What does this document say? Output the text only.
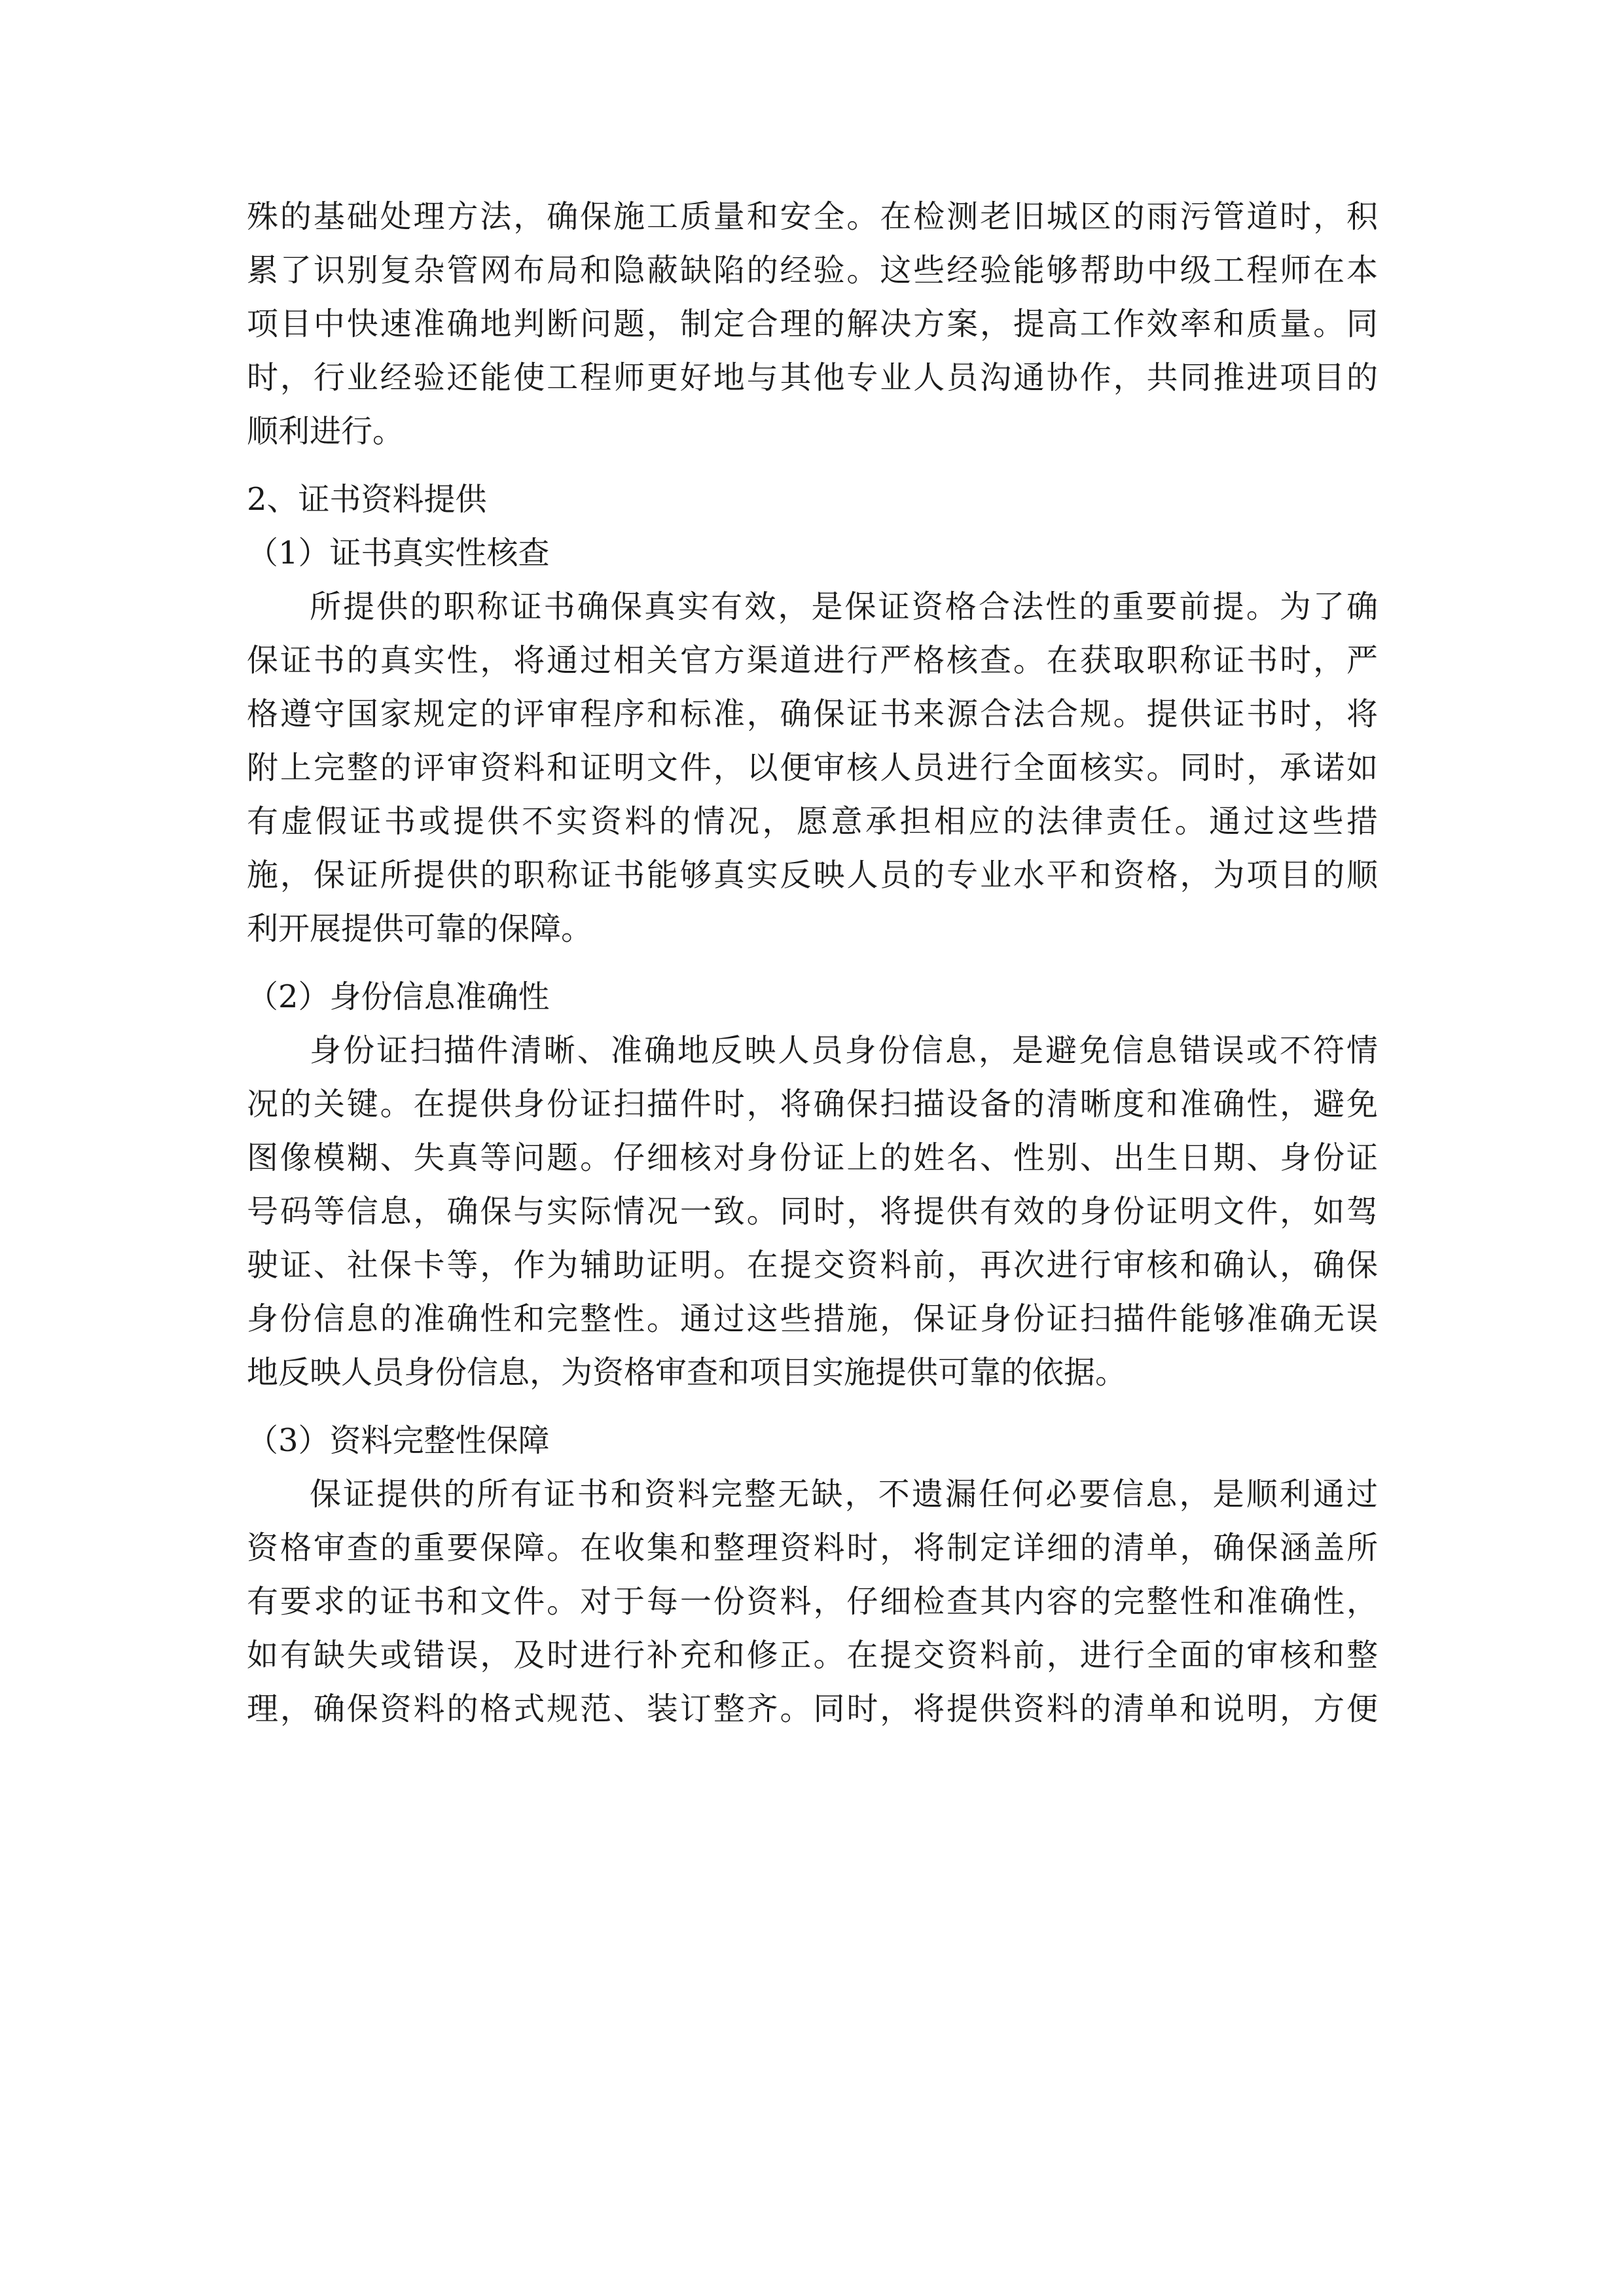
殊的基础处理方法，确保施工质量和安全。在检测老旧城区的雨污管道时，积
累了识别复杂管网布局和隐蔽缺陷的经验。这些经验能够帮助中级工程师在本
项目中快速准确地判断问题，制定合理的解决方案，提高工作效率和质量。同
时，行业经验还能使工程师更好地与其他专业人员沟通协作，共同推进项目的
顺利进行。
2、证书资料提供
（1）证书真实性核查
所提供的职称证书确保真实有效，是保证资格合法性的重要前提。为了确
保证书的真实性，将通过相关官方渠道进行严格核查。在获取职称证书时，严
格遵守国家规定的评审程序和标准，确保证书来源合法合规。提供证书时，将
附上完整的评审资料和证明文件，以便审核人员进行全面核实。同时，承诺如
有虚假证书或提供不实资料的情况，愿意承担相应的法律责任。通过这些措
施，保证所提供的职称证书能够真实反映人员的专业水平和资格，为项目的顺
利开展提供可靠的保障。
（2）身份信息准确性
身份证扫描件清晰、准确地反映人员身份信息，是避免信息错误或不符情
况的关键。在提供身份证扫描件时，将确保扫描设备的清晰度和准确性，避免
图像模糊、失真等问题。仔细核对身份证上的姓名、性别、出生日期、身份证
号码等信息，确保与实际情况一致。同时，将提供有效的身份证明文件，如驾
驶证、社保卡等，作为辅助证明。在提交资料前，再次进行审核和确认，确保
身份信息的准确性和完整性。通过这些措施，保证身份证扫描件能够准确无误
地反映人员身份信息，为资格审查和项目实施提供可靠的依据。
（3）资料完整性保障
保证提供的所有证书和资料完整无缺，不遗漏任何必要信息，是顺利通过
资格审查的重要保障。在收集和整理资料时，将制定详细的清单，确保涵盖所
有要求的证书和文件。对于每一份资料，仔细检查其内容的完整性和准确性，
如有缺失或错误，及时进行补充和修正。在提交资料前，进行全面的审核和整
理，确保资料的格式规范、装订整齐。同时，将提供资料的清单和说明，方便
